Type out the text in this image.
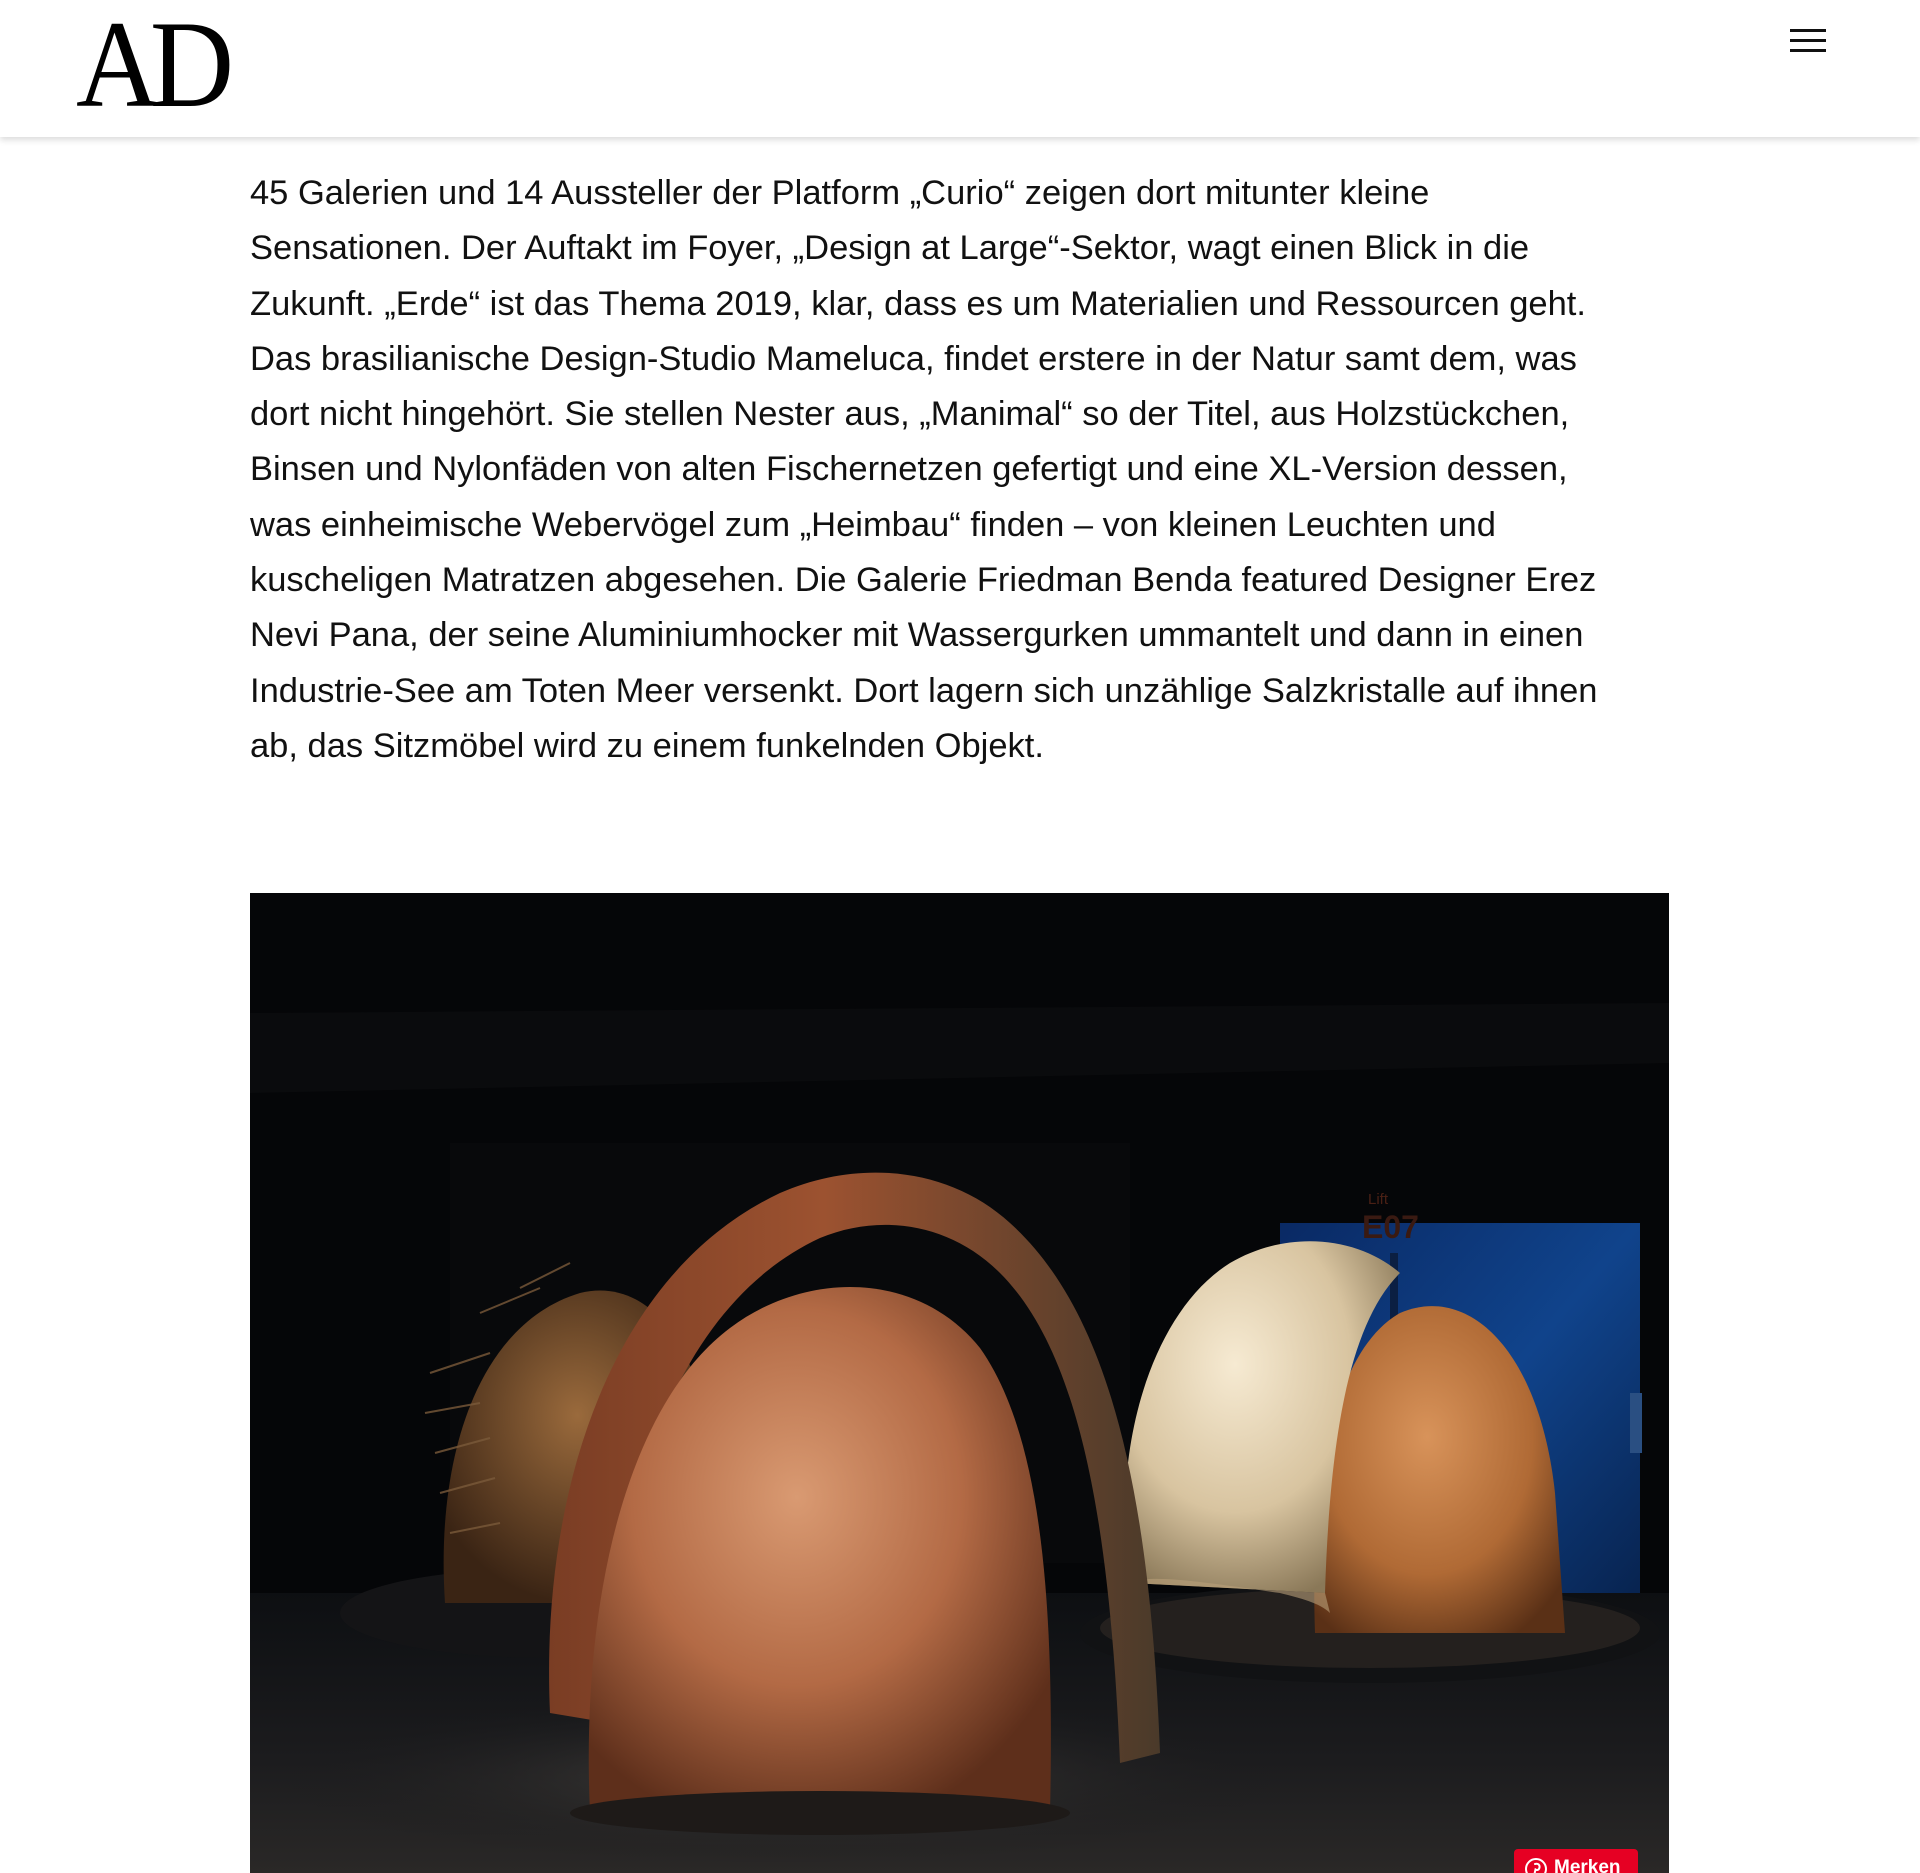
AD

45 Galerien und 14 Aussteller der Platform „Curio“ zeigen dort mitunter kleine
Sensationen. Der Auftakt im Foyer, „Design at Large“-Sektor, wagt einen Blick in die
Zukunft. „Erde“ ist das Thema 2019, klar, dass es um Materialien und Ressourcen geht.
Das brasilianische Design-Studio Mameluca, findet erstere in der Natur samt dem, was
dort nicht hingehört. Sie stellen Nester aus, „Manimal“ so der Titel, aus Holzstückchen,
Binsen und Nylonfäden von alten Fischernetzen gefertigt und eine XL-Version dessen,
was einheimische Webervögel zum „Heimbau“ finden – von kleinen Leuchten und
kuscheligen Matratzen abgesehen. Die Galerie Friedman Benda featured Designer Erez
Nevi Pana, der seine Aluminiumhocker mit Wassergurken ummantelt und dann in einen
Industrie-See am Toten Meer versenkt. Dort lagern sich unzählige Salzkristalle auf ihnen
ab, das Sitzmöbel wird zu einem funkelnden Objekt.

Lift
E07
Merken
